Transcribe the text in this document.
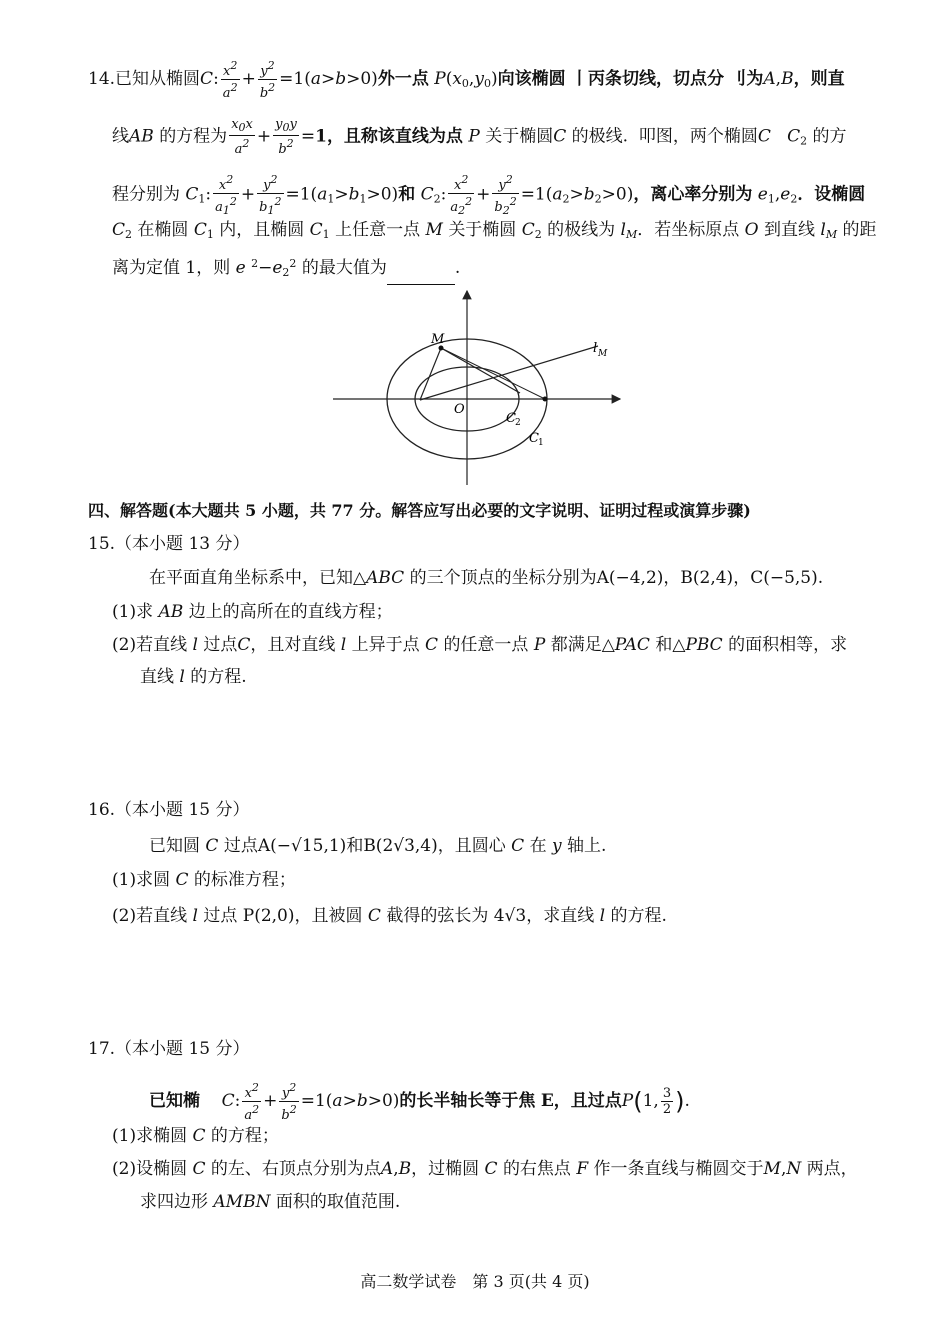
14.已知从椭圆C: $\frac{x^2}{a^2} + \frac{y^2}{b^2} =1(a>b>0)$外一点 $P(x_0,y_0)$向该椭圆 丨丙条切线，切点分 刂为A,B，则直
线AB 的方程为 $\frac{x_0x}{a^2} + \frac{y_0y}{b^2} =1$，且称该直线为点 P 关于椭圆C 的极线. 叩图，两个椭圆C $C_2$ 的方
程分别为 $C_1$: $\frac{x^2}{a_1^2} + \frac{y^2}{b_1^2} =1(a_1>b_1>0)$和 $C_2$: $\frac{x^2}{a_2^2} + \frac{y^2}{b_2^2} =1(a_2>b_2>0)$，离心率分别为 $e_1,e_2$．设椭圆
$C_2$ 在椭圆 $C_1$ 内，且椭圆 $C_1$ 上任意一点 M 关于椭圆 $C_2$ 的极线为 $l_M$．若坐标原点 O 到直线 $l_M$ 的距
离为定值 1，则 e $^2-e_2^2$ 的最大值为	.
M
O
l M
C 2
C 1
四、解答题(本大题共 5 小题，共 77 分。解答应写出必要的文字说明、证明过程或演算步骤)
15.（本小题 13 分）
在平面直角坐标系中，已知△ABC 的三个顶点的坐标分别为A(−4,2)，B(2,4)，C(−5,5).
(1)求 AB 边上的高所在的直线方程；
(2)若直线 l 过点C，且对直线 l 上异于点 C 的任意一点 P 都满足△PAC 和△PBC 的面积相等，求
直线 l 的方程.
16.（本小题 15 分）
已知圆 C 过点A(−√15,1)和B(2√3,4)，且圆心 C 在 y 轴上.
(1)求圆 C 的标准方程；
(2)若直线 l 过点 P(2,0)，且被圆 C 截得的弦长为 4√3，求直线 l 的方程.
17.（本小题 15 分）
已知椭 C: $\frac{x^2}{a^2} + \frac{y^2}{b^2} =1(a>b>0)$的长半轴长等于焦 E，且过点P(1, $\frac{3}{2}$ ).
(1)求椭圆 C 的方程；
(2)设椭圆 C 的左、右顶点分别为点A,B，过椭圆 C 的右焦点 F 作一条直线与椭圆交于M,N 两点，
求四边形 AMBN 面积的取值范围.
高二数学试卷　第 3 页(共 4 页)
